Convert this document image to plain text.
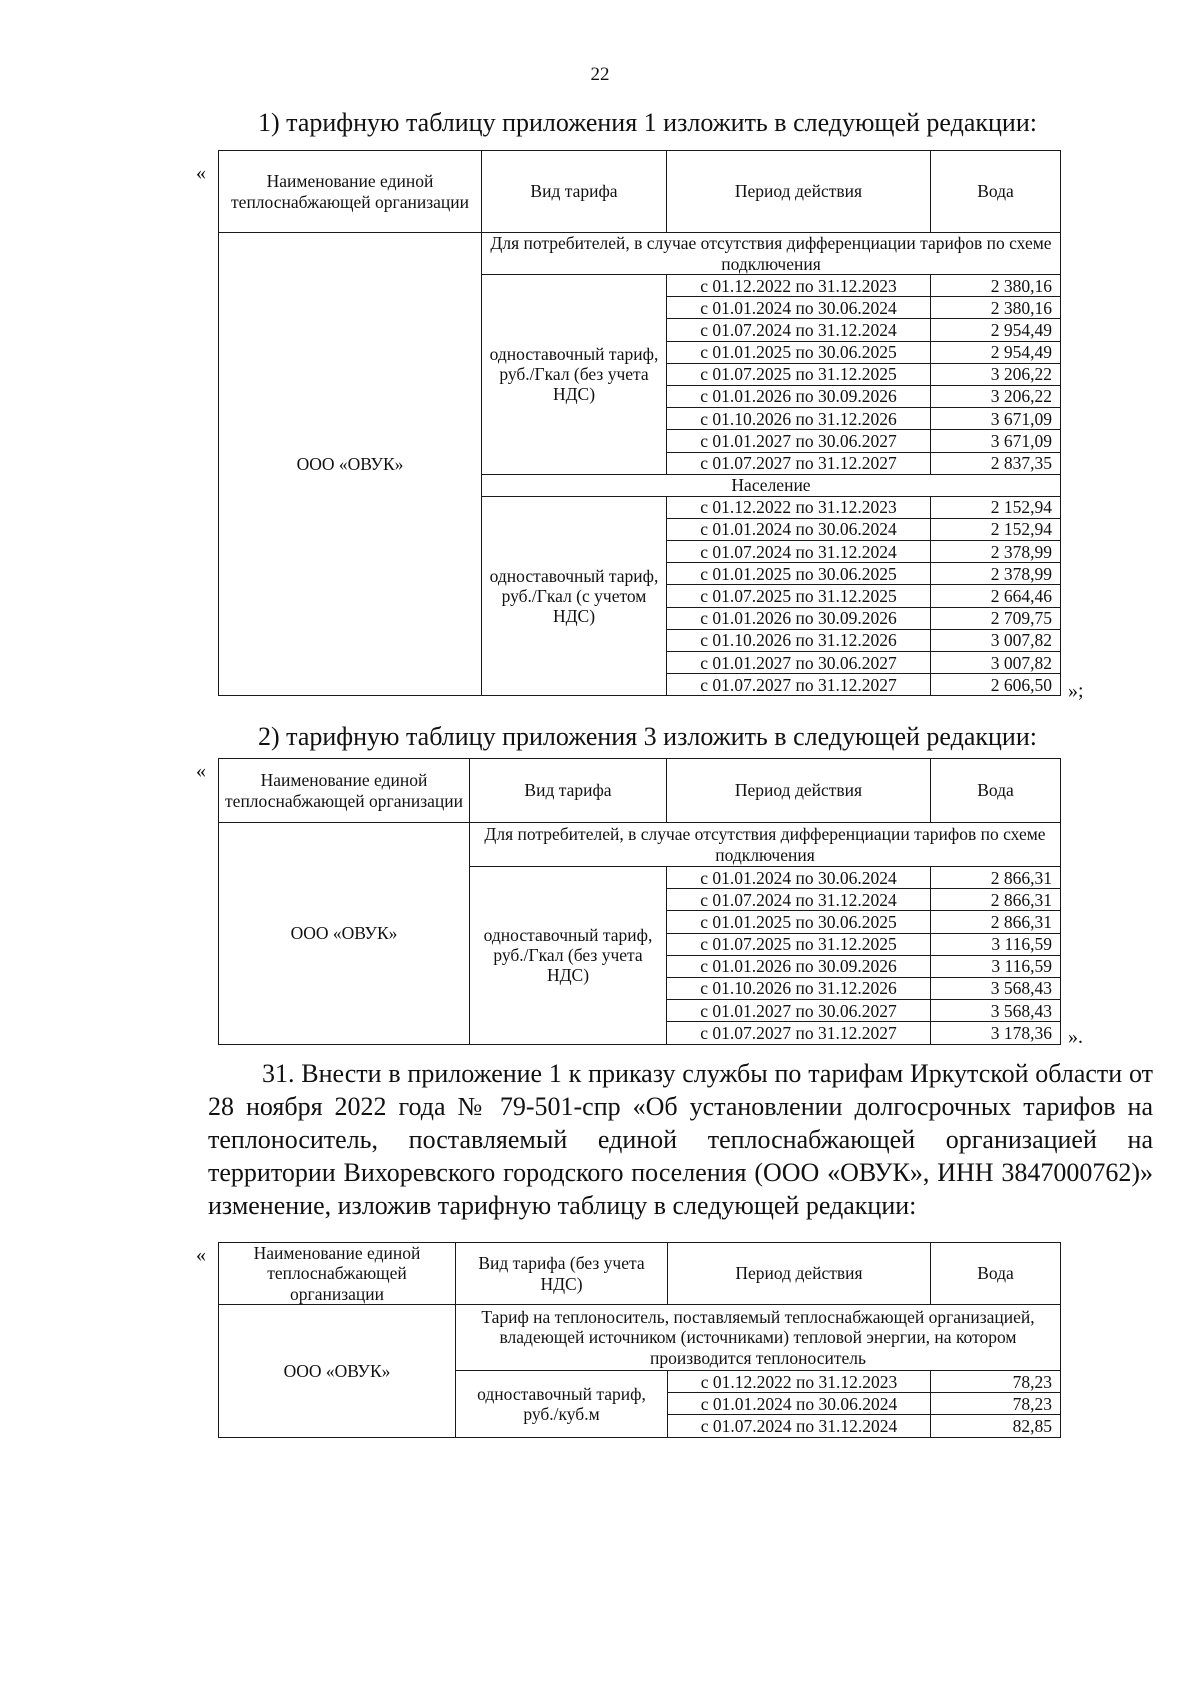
22
1) тарифную таблицу приложения 1 изложить в следующей редакции:
«	Наименование единой теплоснабжающей организации	Вид тарифа	Период действия	Вода
ООО «ОВУК»	Для потребителей, в случае отсутствия дифференциации тарифов по схеме подключения		
	одноставочный тариф, руб./Гкал (без учета НДС)	с 01.12.2022 по 31.12.2023	2 380,16
		с 01.01.2024 по 30.06.2024	2 380,16
		с 01.07.2024 по 31.12.2024	2 954,49
		с 01.01.2025 по 30.06.2025	2 954,49
		с 01.07.2025 по 31.12.2025	3 206,22
		с 01.01.2026 по 30.09.2026	3 206,22
		с 01.10.2026 по 31.12.2026	3 671,09
		с 01.01.2027 по 30.06.2027	3 671,09
		с 01.07.2027 по 31.12.2027	2 837,35
	Население		
	одноставочный тариф, руб./Гкал (с учетом НДС)	с 01.12.2022 по 31.12.2023	2 152,94
		с 01.01.2024 по 30.06.2024	2 152,94
		с 01.07.2024 по 31.12.2024	2 378,99
		с 01.01.2025 по 30.06.2025	2 378,99
		с 01.07.2025 по 31.12.2025	2 664,46
		с 01.01.2026 по 30.09.2026	2 709,75
		с 01.10.2026 по 31.12.2026	3 007,82
		с 01.01.2027 по 30.06.2027	3 007,82
		с 01.07.2027 по 31.12.2027	2 606,50 »;
2) тарифную таблицу приложения 3 изложить в следующей редакции:
«	Наименование единой теплоснабжающей организации	Вид тарифа	Период действия	Вода
ООО «ОВУК»	Для потребителей, в случае отсутствия дифференциации тарифов по схеме подключения		
	одноставочный тариф, руб./Гкал (без учета НДС)	с 01.01.2024 по 30.06.2024	2 866,31
		с 01.07.2024 по 31.12.2024	2 866,31
		с 01.01.2025 по 30.06.2025	2 866,31
		с 01.07.2025 по 31.12.2025	3 116,59
		с 01.01.2026 по 30.09.2026	3 116,59
		с 01.10.2026 по 31.12.2026	3 568,43
		с 01.01.2027 по 30.06.2027	3 568,43
		с 01.07.2027 по 31.12.2027	3 178,36 ».
31. Внести в приложение 1 к приказу службы по тарифам Иркутской области от 28 ноября 2022 года № 79-501-спр «Об установлении долгосрочных тарифов на теплоноситель, поставляемый единой теплоснабжающей организацией на территории Вихоревского городского поселения (ООО «ОВУК», ИНН 3847000762)» изменение, изложив тарифную таблицу в следующей редакции:
«	Наименование единой теплоснабжающей организации	Вид тарифа (без учета НДС)	Период действия	Вода
ООО «ОВУК»	Тариф на теплоноситель, поставляемый теплоснабжающей организацией, владеющей источником (источниками) тепловой энергии, на котором производится теплоноситель		
	одноставочный тариф, руб./куб.м	с 01.12.2022 по 31.12.2023	78,23
		с 01.01.2024 по 30.06.2024	78,23
		с 01.07.2024 по 31.12.2024	82,85
